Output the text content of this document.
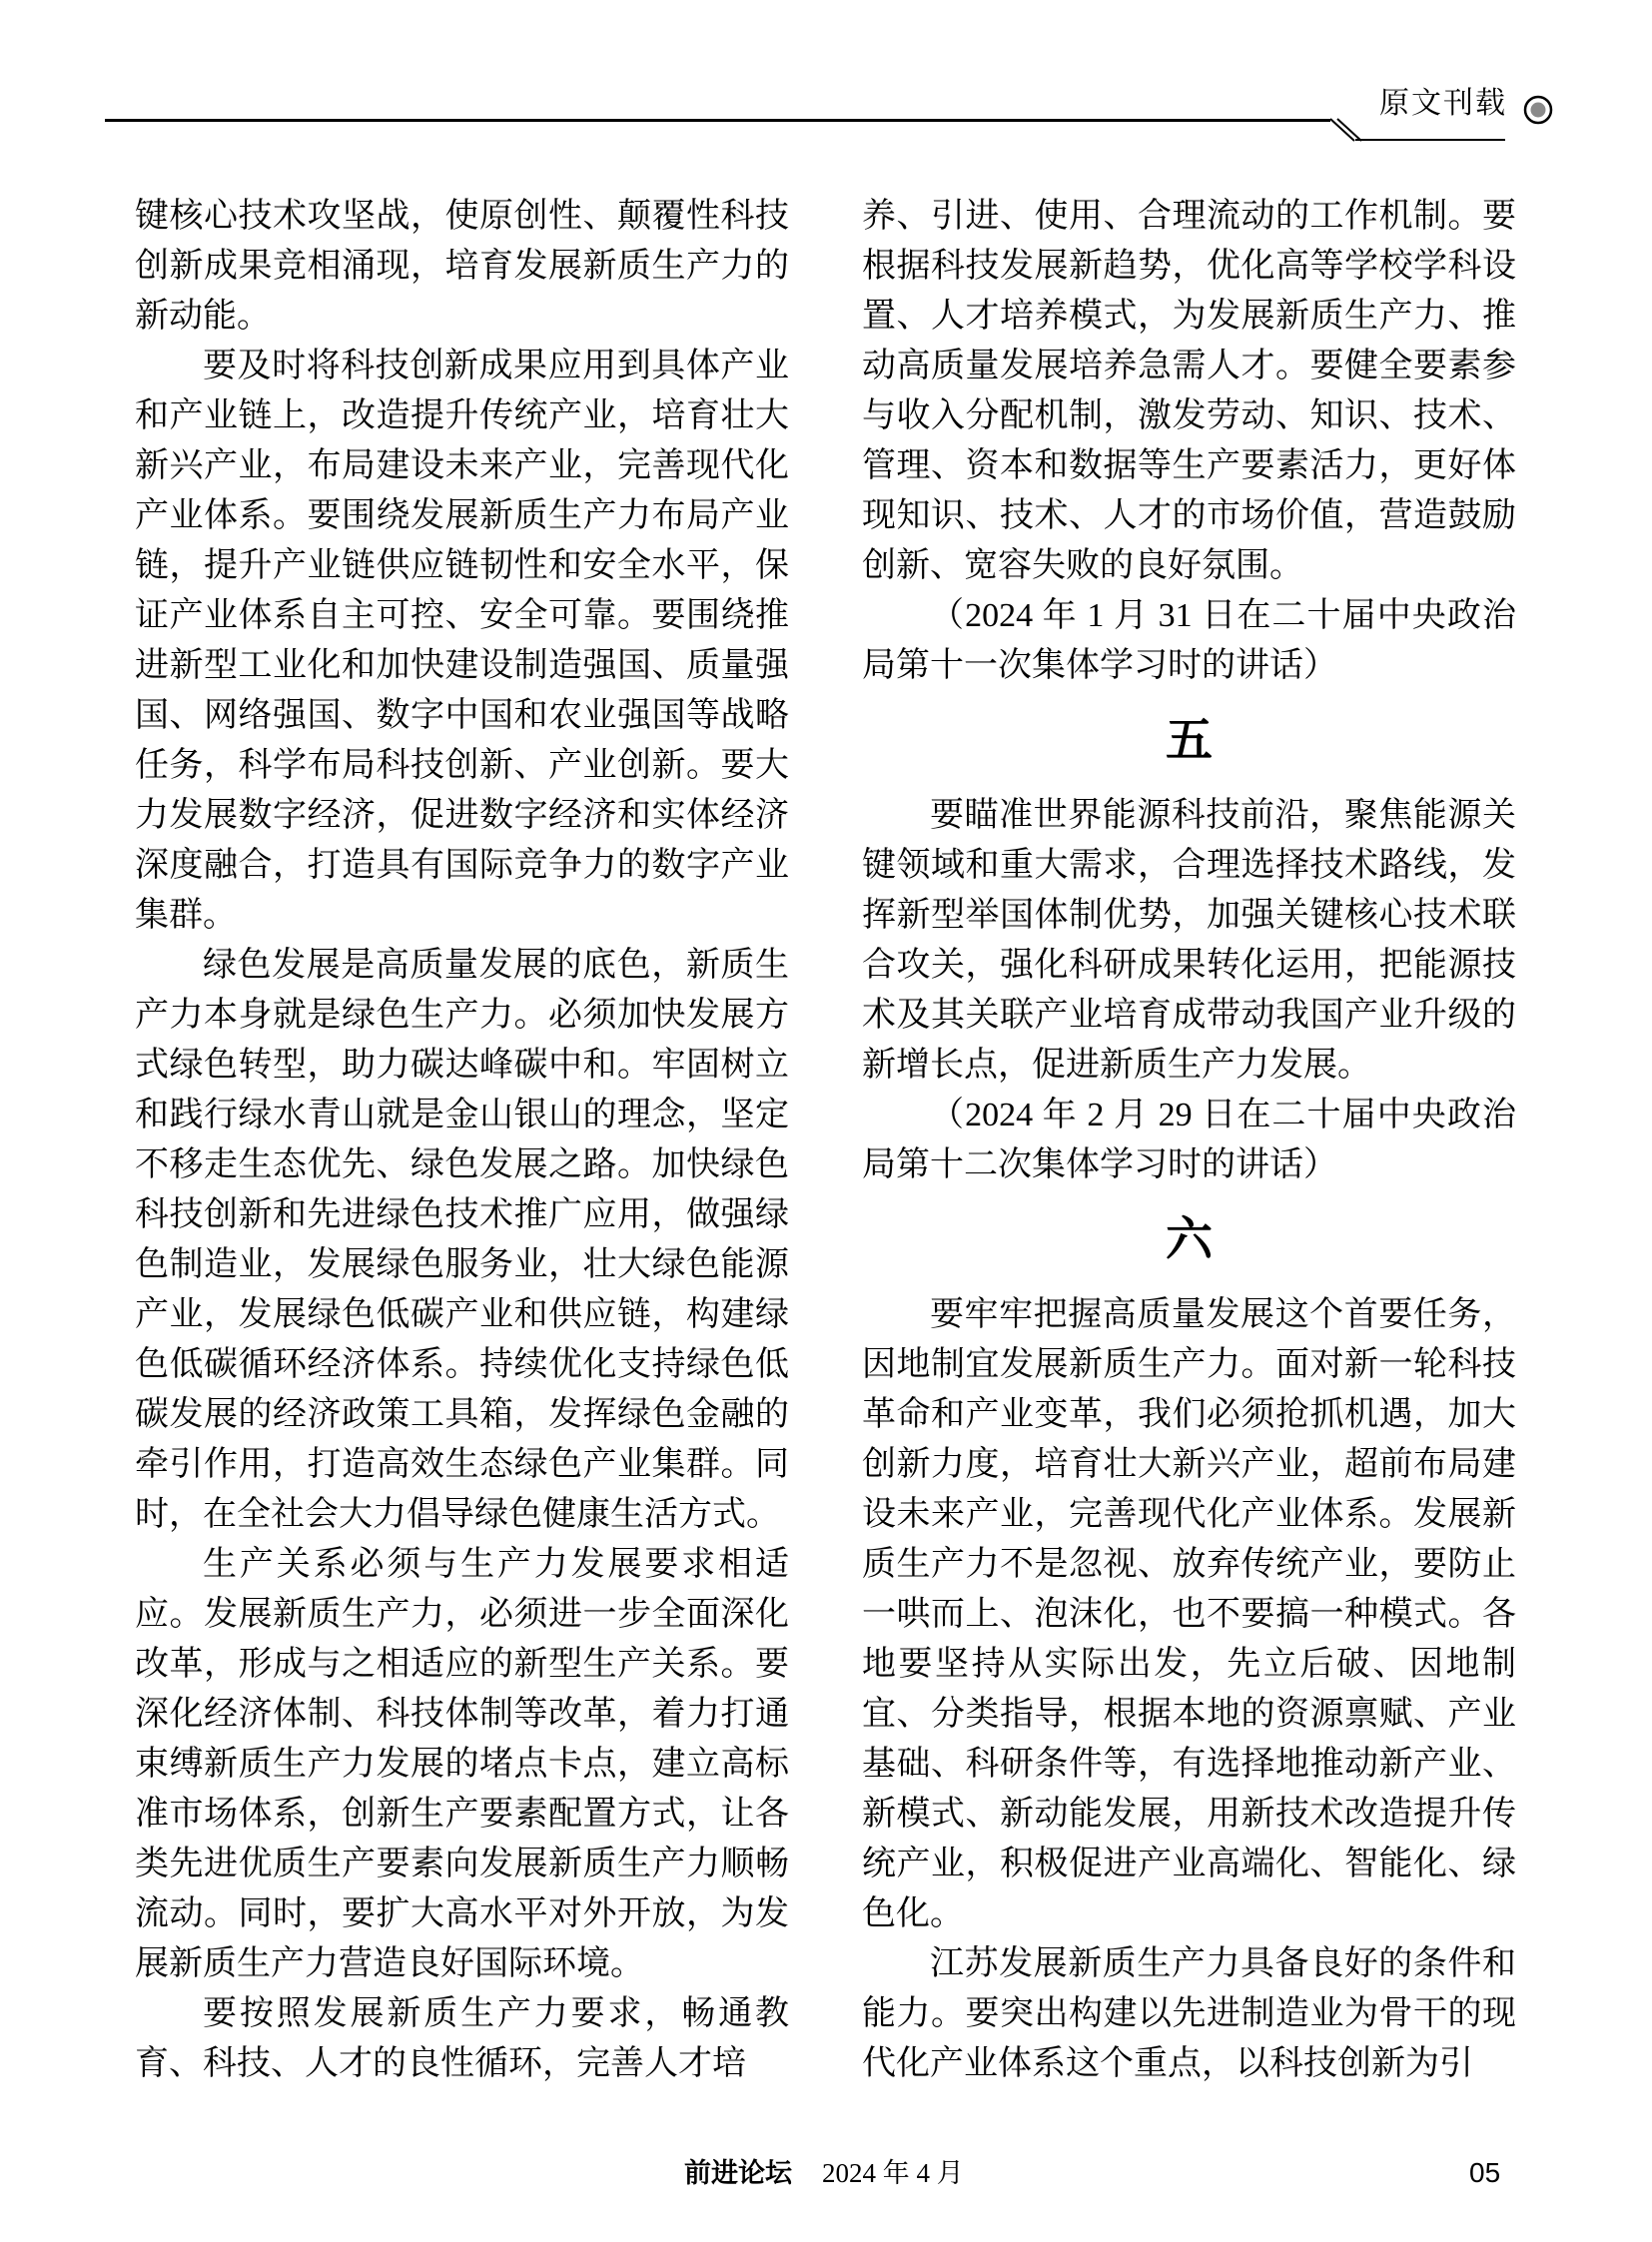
原文刊载

键核心技术攻坚战，使原创性、颠覆性科技创新成果竞相涌现，培育发展新质生产力的新动能。

要及时将科技创新成果应用到具体产业和产业链上，改造提升传统产业，培育壮大新兴产业，布局建设未来产业，完善现代化产业体系。要围绕发展新质生产力布局产业链，提升产业链供应链韧性和安全水平，保证产业体系自主可控、安全可靠。要围绕推进新型工业化和加快建设制造强国、质量强国、网络强国、数字中国和农业强国等战略任务，科学布局科技创新、产业创新。要大力发展数字经济，促进数字经济和实体经济深度融合，打造具有国际竞争力的数字产业集群。

绿色发展是高质量发展的底色，新质生产力本身就是绿色生产力。必须加快发展方式绿色转型，助力碳达峰碳中和。牢固树立和践行绿水青山就是金山银山的理念，坚定不移走生态优先、绿色发展之路。加快绿色科技创新和先进绿色技术推广应用，做强绿色制造业，发展绿色服务业，壮大绿色能源产业，发展绿色低碳产业和供应链，构建绿色低碳循环经济体系。持续优化支持绿色低碳发展的经济政策工具箱，发挥绿色金融的牵引作用，打造高效生态绿色产业集群。同时，在全社会大力倡导绿色健康生活方式。

生产关系必须与生产力发展要求相适应。发展新质生产力，必须进一步全面深化改革，形成与之相适应的新型生产关系。要深化经济体制、科技体制等改革，着力打通束缚新质生产力发展的堵点卡点，建立高标准市场体系，创新生产要素配置方式，让各类先进优质生产要素向发展新质生产力顺畅流动。同时，要扩大高水平对外开放，为发展新质生产力营造良好国际环境。

要按照发展新质生产力要求，畅通教育、科技、人才的良性循环，完善人才培

养、引进、使用、合理流动的工作机制。要根据科技发展新趋势，优化高等学校学科设置、人才培养模式，为发展新质生产力、推动高质量发展培养急需人才。要健全要素参与收入分配机制，激发劳动、知识、技术、管理、资本和数据等生产要素活力，更好体现知识、技术、人才的市场价值，营造鼓励创新、宽容失败的良好氛围。

（2024 年 1 月 31 日在二十届中央政治局第十一次集体学习时的讲话）

五

要瞄准世界能源科技前沿，聚焦能源关键领域和重大需求，合理选择技术路线，发挥新型举国体制优势，加强关键核心技术联合攻关，强化科研成果转化运用，把能源技术及其关联产业培育成带动我国产业升级的新增长点，促进新质生产力发展。

（2024 年 2 月 29 日在二十届中央政治局第十二次集体学习时的讲话）

六

要牢牢把握高质量发展这个首要任务，因地制宜发展新质生产力。面对新一轮科技革命和产业变革，我们必须抢抓机遇，加大创新力度，培育壮大新兴产业，超前布局建设未来产业，完善现代化产业体系。发展新质生产力不是忽视、放弃传统产业，要防止一哄而上、泡沫化，也不要搞一种模式。各地要坚持从实际出发，先立后破、因地制宜、分类指导，根据本地的资源禀赋、产业基础、科研条件等，有选择地推动新产业、新模式、新动能发展，用新技术改造提升传统产业，积极促进产业高端化、智能化、绿色化。

江苏发展新质生产力具备良好的条件和能力。要突出构建以先进制造业为骨干的现代化产业体系这个重点，以科技创新为引

前进论坛 2024 年 4 月	05
